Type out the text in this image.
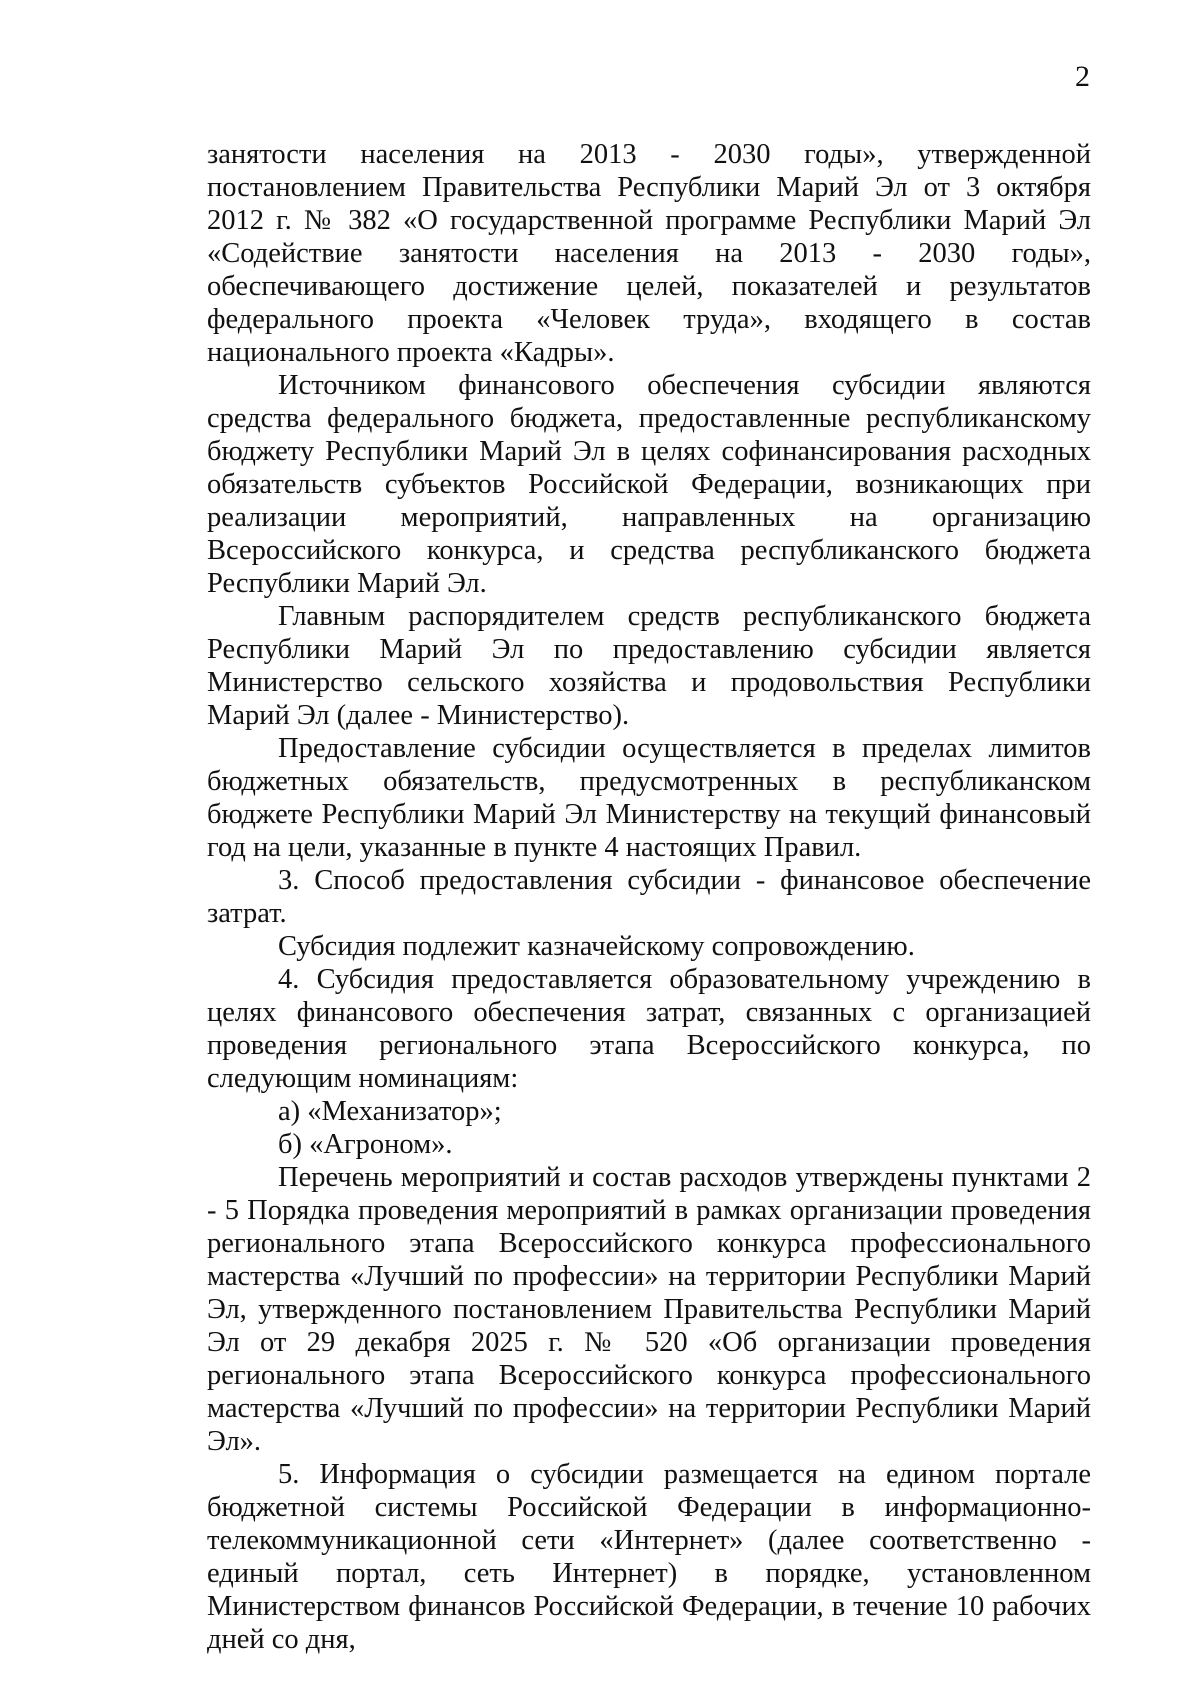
2

занятости населения на 2013 - 2030 годы», утвержденной постановлением Правительства Республики Марий Эл от 3 октября 2012 г. № 382 «О государственной программе Республики Марий Эл «Содействие занятости населения на 2013 - 2030 годы», обеспечивающего достижение целей, показателей и результатов федерального проекта «Человек труда», входящего в состав национального проекта «Кадры».

Источником финансового обеспечения субсидии являются средства федерального бюджета, предоставленные республиканскому бюджету Республики Марий Эл в целях софинансирования расходных обязательств субъектов Российской Федерации, возникающих при реализации мероприятий, направленных на организацию Всероссийского конкурса, и средства республиканского бюджета Республики Марий Эл.

Главным распорядителем средств республиканского бюджета Республики Марий Эл по предоставлению субсидии является Министерство сельского хозяйства и продовольствия Республики Марий Эл (далее - Министерство).

Предоставление субсидии осуществляется в пределах лимитов бюджетных обязательств, предусмотренных в республиканском бюджете Республики Марий Эл Министерству на текущий финансовый год на цели, указанные в пункте 4 настоящих Правил.

3. Способ предоставления субсидии - финансовое обеспечение затрат.

Субсидия подлежит казначейскому сопровождению.

4. Субсидия предоставляется образовательному учреждению в целях финансового обеспечения затрат, связанных с организацией проведения регионального этапа Всероссийского конкурса, по следующим номинациям:

а) «Механизатор»;

б) «Агроном».

Перечень мероприятий и состав расходов утверждены пунктами 2 - 5 Порядка проведения мероприятий в рамках организации проведения регионального этапа Всероссийского конкурса профессионального мастерства «Лучший по профессии» на территории Республики Марий Эл, утвержденного постановлением Правительства Республики Марий Эл от 29 декабря 2025 г. № 520 «Об организации проведения регионального этапа Всероссийского конкурса профессионального мастерства «Лучший по профессии» на территории Республики Марий Эл».

5. Информация о субсидии размещается на едином портале бюджетной системы Российской Федерации в информационно-телекоммуникационной сети «Интернет» (далее соответственно - единый портал, сеть Интернет) в порядке, установленном Министерством финансов Российской Федерации, в течение 10 рабочих дней со дня,
